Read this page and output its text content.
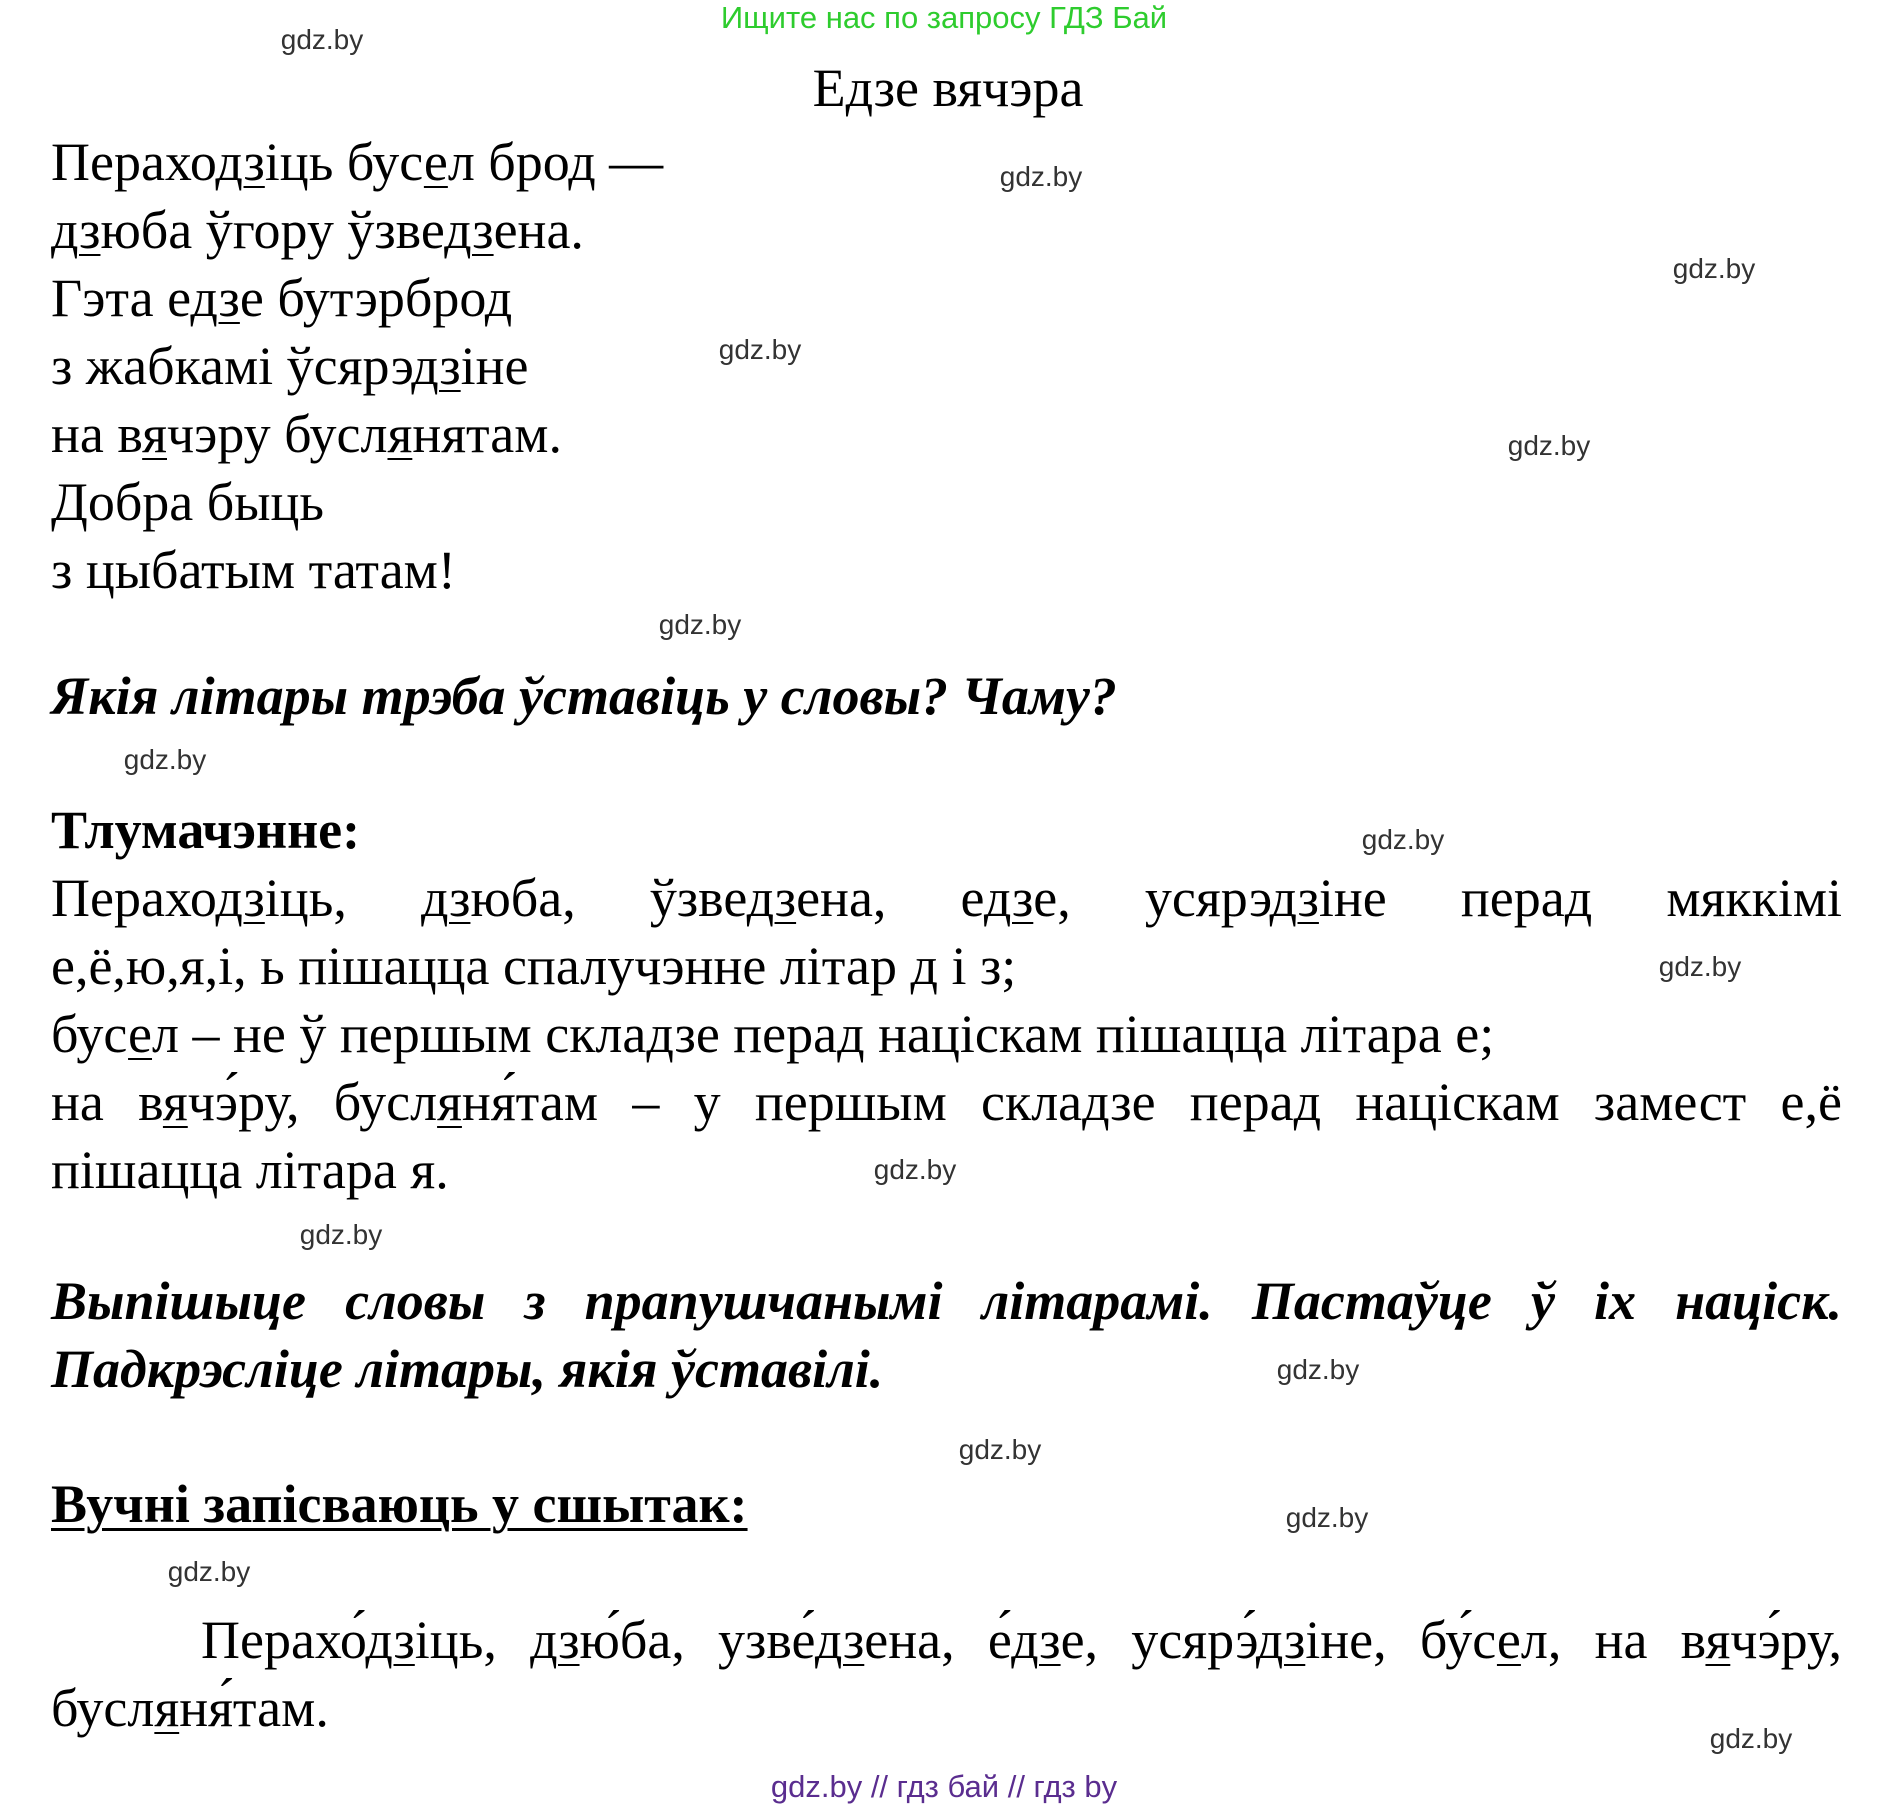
Ищите нас по запросу ГДЗ Бай
Едзе вячэра
Пераходзіць бусел брод —
дзюба ўгору ўзведзена.
Гэта едзе бутэрброд
з жабкамі ўсярэдзіне
на вячэру буслянятам.
Добра быць
з цыбатым татам!
Якія літары трэба ўставіць у словы? Чаму?
Тлумачэнне:
Пераходзіць, дзюба, ўзведзена, едзе, усярэдзіне перад мяккімі
е,ё,ю,я,і, ь пішацца спалучэнне літар д і з;
бусел – не ў першым складзе перад націскам пішацца літара е;
на вячэ́ру, бусляня́там – у першым складзе перад націскам замест е,ё
пішацца літара я.
Выпішыце словы з прапушчанымі літарамі. Пастаўце ў іх націск.
Падкрэсліце літары, якія ўставілі.
Вучні запісваюць у сшытак:
Перахо́дзіць, дзю́ба, узве́дзена, е́дзе, усярэ́дзіне, бу́сел, на вячэ́ру,
бусляня́там.
gdz.by
gdz.by
gdz.by
gdz.by
gdz.by
gdz.by
gdz.by
gdz.by
gdz.by
gdz.by
gdz.by
gdz.by
gdz.by
gdz.by
gdz.by
gdz.by
gdz.by // гдз бай // гдз by
